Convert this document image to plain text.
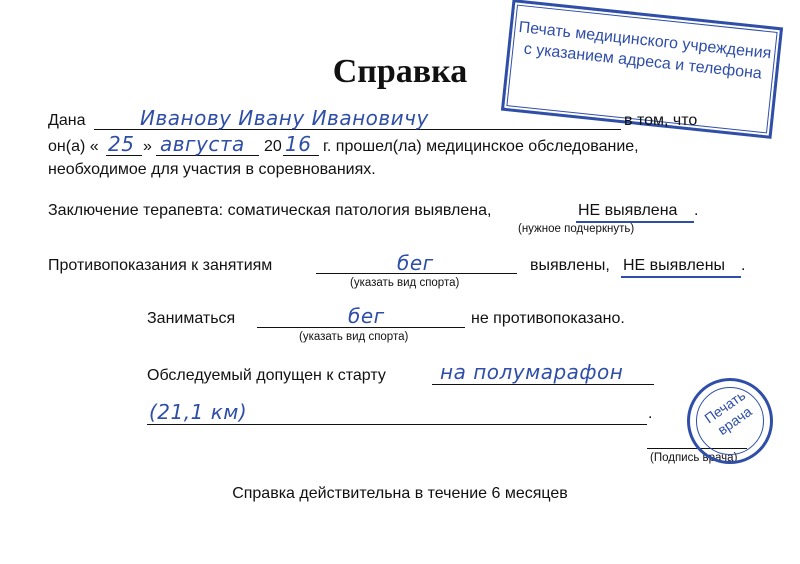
Справка
Печать медицинского учреждения с указанием адреса и телефона
Дана	Иванову Ивану Ивановичу	в том, что
он(а) « 25 » августа 20 16 г. прошел(ла) медицинское обследование,
необходимое для участия в соревнованиях.
Заключение терапевта: соматическая патология выявлена,	НЕ выявлена .
(нужное подчеркнуть)
Противопоказания к занятиям	бег	выявлены, НЕ выявлены .
(указать вид спорта)
Заниматься	бег	не противопоказано.
(указать вид спорта)
Обследуемый допущен к старту	на полумарафон
(21,1 км)	.
(Подпись врача)
Печать врача
Справка действительна в течение 6 месяцев
